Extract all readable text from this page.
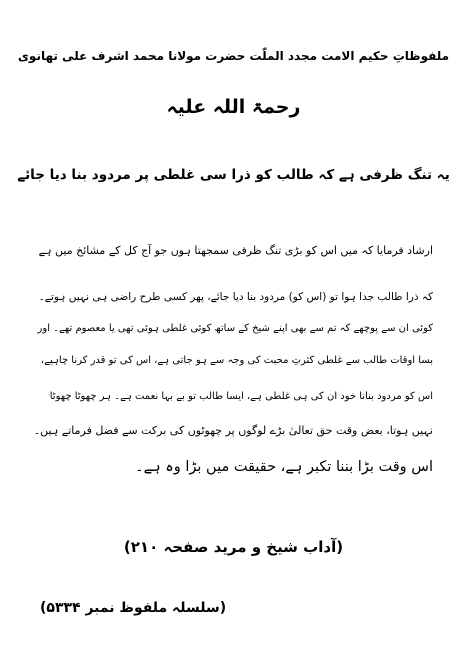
ملفوظاتِ حکیم الامت مجدد الملّت حضرت مولانا محمد اشرف علی تھانوی
رحمۃ اللہ علیہ
یہ تنگ ظرفی ہے کہ طالب کو ذرا سی غلطی پر مردود بنا دیا جائے
ارشاد فرمایا کہ میں اس کو بڑی تنگ ظرفی سمجھتا ہوں جو آج کل کے مشائخ میں ہے
کہ ذرا طالب جدا ہوا تو (اس کو) مردود بنا دیا جائے، پھر کسی طرح راضی ہی نہیں ہوتے۔
کوئی ان سے پوچھے کہ تم سے بھی اپنے شیخ کے ساتھ کوئی غلطی ہوئی تھی یا معصوم تھے۔ اور
بسا اوقات طالب سے غلطی کثرتِ محبت کی وجہ سے ہو جاتی ہے، اس کی تو قدر کرنا چاہیے،
اس کو مردود بنانا خود ان کی ہی غلطی ہے، ایسا طالب تو بے بہا نعمت ہے۔ ہر چھوٹا چھوٹا
نہیں ہوتا، بعض وقت حق تعالیٰ بڑے لوگوں پر چھوٹوں کی برکت سے فضل فرماتے ہیں۔
اس وقت بڑا بننا تکبر ہے، حقیقت میں بڑا وہ ہے۔
(آداب شیخ و مرید صفحہ ۲۱۰)
(سلسلہ ملفوظ نمبر ۵۳۳۴)
